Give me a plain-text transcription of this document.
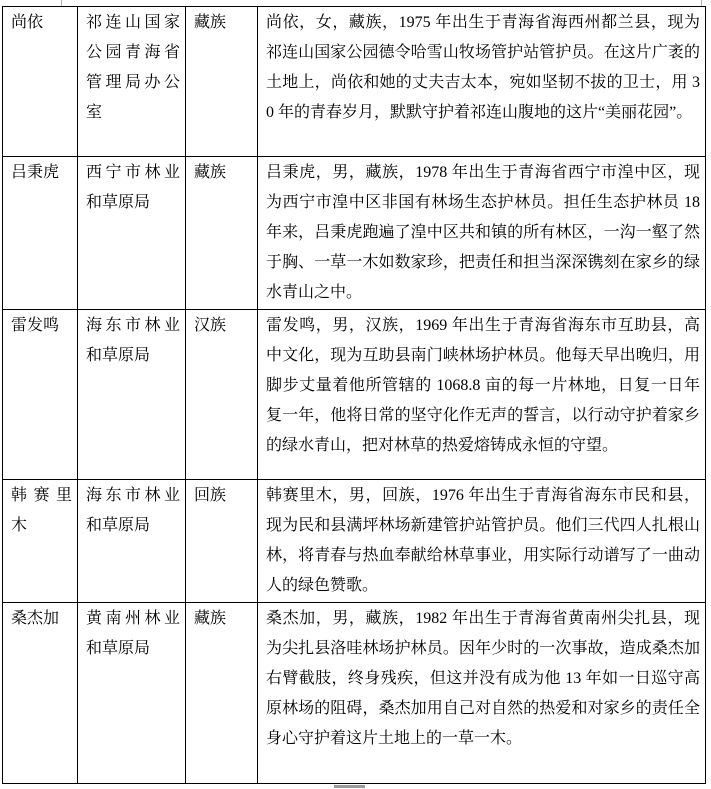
尚依	祁连山国家公园青海省管理局办公室	藏族	尚依，女，藏族，1975 年出生于青海省海西州都兰县，现为祁连山国家公园德令哈雪山牧场管护站管护员。在这片广袤的土地上，尚依和她的丈夫吉太本，宛如坚韧不拔的卫士，用 30 年的青春岁月，默默守护着祁连山腹地的这片“美丽花园”。
吕秉虎	西宁市林业和草原局	藏族	吕秉虎，男，藏族，1978 年出生于青海省西宁市湟中区，现为西宁市湟中区非国有林场生态护林员。担任生态护林员 18 年来，吕秉虎跑遍了湟中区共和镇的所有林区，一沟一壑了然于胸、一草一木如数家珍，把责任和担当深深镌刻在家乡的绿水青山之中。
雷发鸣	海东市林业和草原局	汉族	雷发鸣，男，汉族，1969 年出生于青海省海东市互助县，高中文化，现为互助县南门峡林场护林员。他每天早出晚归，用脚步丈量着他所管辖的 1068.8 亩的每一片林地，日复一日年复一年，他将日常的坚守化作无声的誓言，以行动守护着家乡的绿水青山，把对林草的热爱熔铸成永恒的守望。
韩赛里木	海东市林业和草原局	回族	韩赛里木，男，回族，1976 年出生于青海省海东市民和县，现为民和县满坪林场新建管护站管护员。他们三代四人扎根山林，将青春与热血奉献给林草事业，用实际行动谱写了一曲动人的绿色赞歌。
桑杰加	黄南州林业和草原局	藏族	桑杰加，男，藏族，1982 年出生于青海省黄南州尖扎县，现为尖扎县洛哇林场护林员。因年少时的一次事故，造成桑杰加右臂截肢，终身残疾，但这并没有成为他 13 年如一日巡守高原林场的阻碍，桑杰加用自己对自然的热爱和对家乡的责任全身心守护着这片土地上的一草一木。
